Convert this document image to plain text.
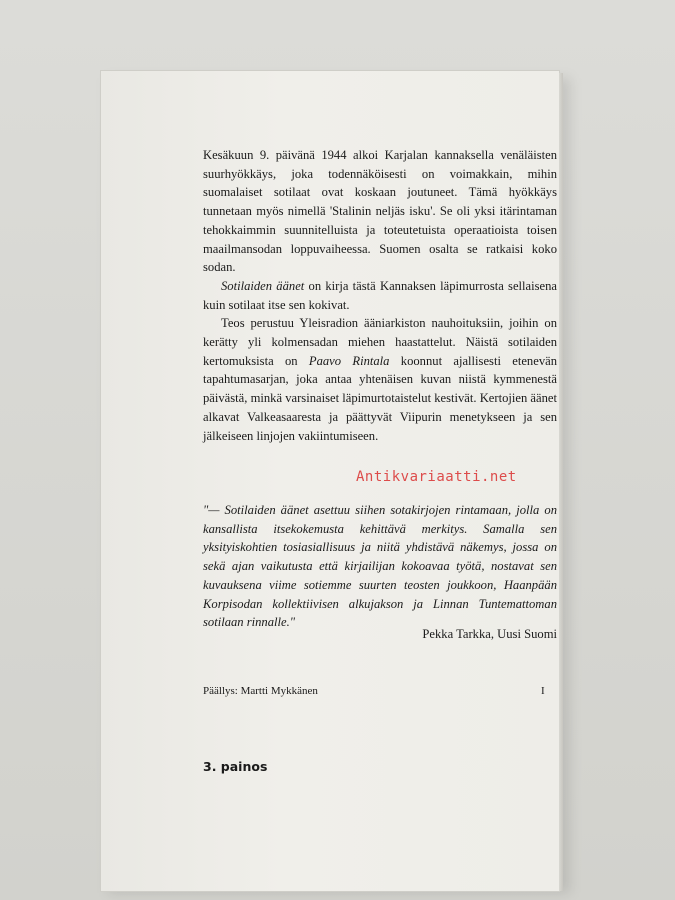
Kesäkuun 9. päivänä 1944 alkoi Karjalan kannaksella venäläisten suurhyökkäys, joka todennäköisesti on voimakkain, mihin suomalaiset sotilaat ovat koskaan joutuneet. Tämä hyökkäys tunnetaan myös nimellä 'Stalinin neljäs isku'. Se oli yksi itärintaman tehokkaimmin suunnitelluista ja toteutetuista operaatioista toisen maailmansodan loppuvaiheessa. Suomen osalta se ratkaisi koko sodan.

Sotilaiden äänet on kirja tästä Kannaksen läpimurrosta sellaisena kuin sotilaat itse sen kokivat.

Teos perustuu Yleisradion ääniarkiston nauhoituksiin, joihin on kerätty yli kolmensadan miehen haastattelut. Näistä sotilaiden kertomuksista on Paavo Rintala koonnut ajallisesti etenevän tapahtumasarjan, joka antaa yhtenäisen kuvan niistä kymmenestä päivästä, minkä varsinaiset läpimurtotaistelut kestivät. Kertojien äänet alkavat Valkeasaaresta ja päättyvät Viipurin menetykseen ja sen jälkeiseen linjojen vakiintumiseen.

"— Sotilaiden äänet asettuu siihen sotakirjojen rintamaan, jolla on kansallista itsekokemusta kehittävä merkitys. Samalla sen yksityiskohtien tosiasiallisuus ja niitä yhdistävä näkemys, jossa on sekä ajan vaikutusta että kirjailijan kokoavaa työtä, nostavat sen kuvauksena viime sotiemme suurten teosten joukkoon, Haanpään Korpisodan kollektiivisen alkujakson ja Linnan Tuntemattoman sotilaan rinnalle."
Pekka Tarkka, Uusi Suomi
Päällys: Martti Mykkänen	I
3. painos
Antikvariaatti.net
